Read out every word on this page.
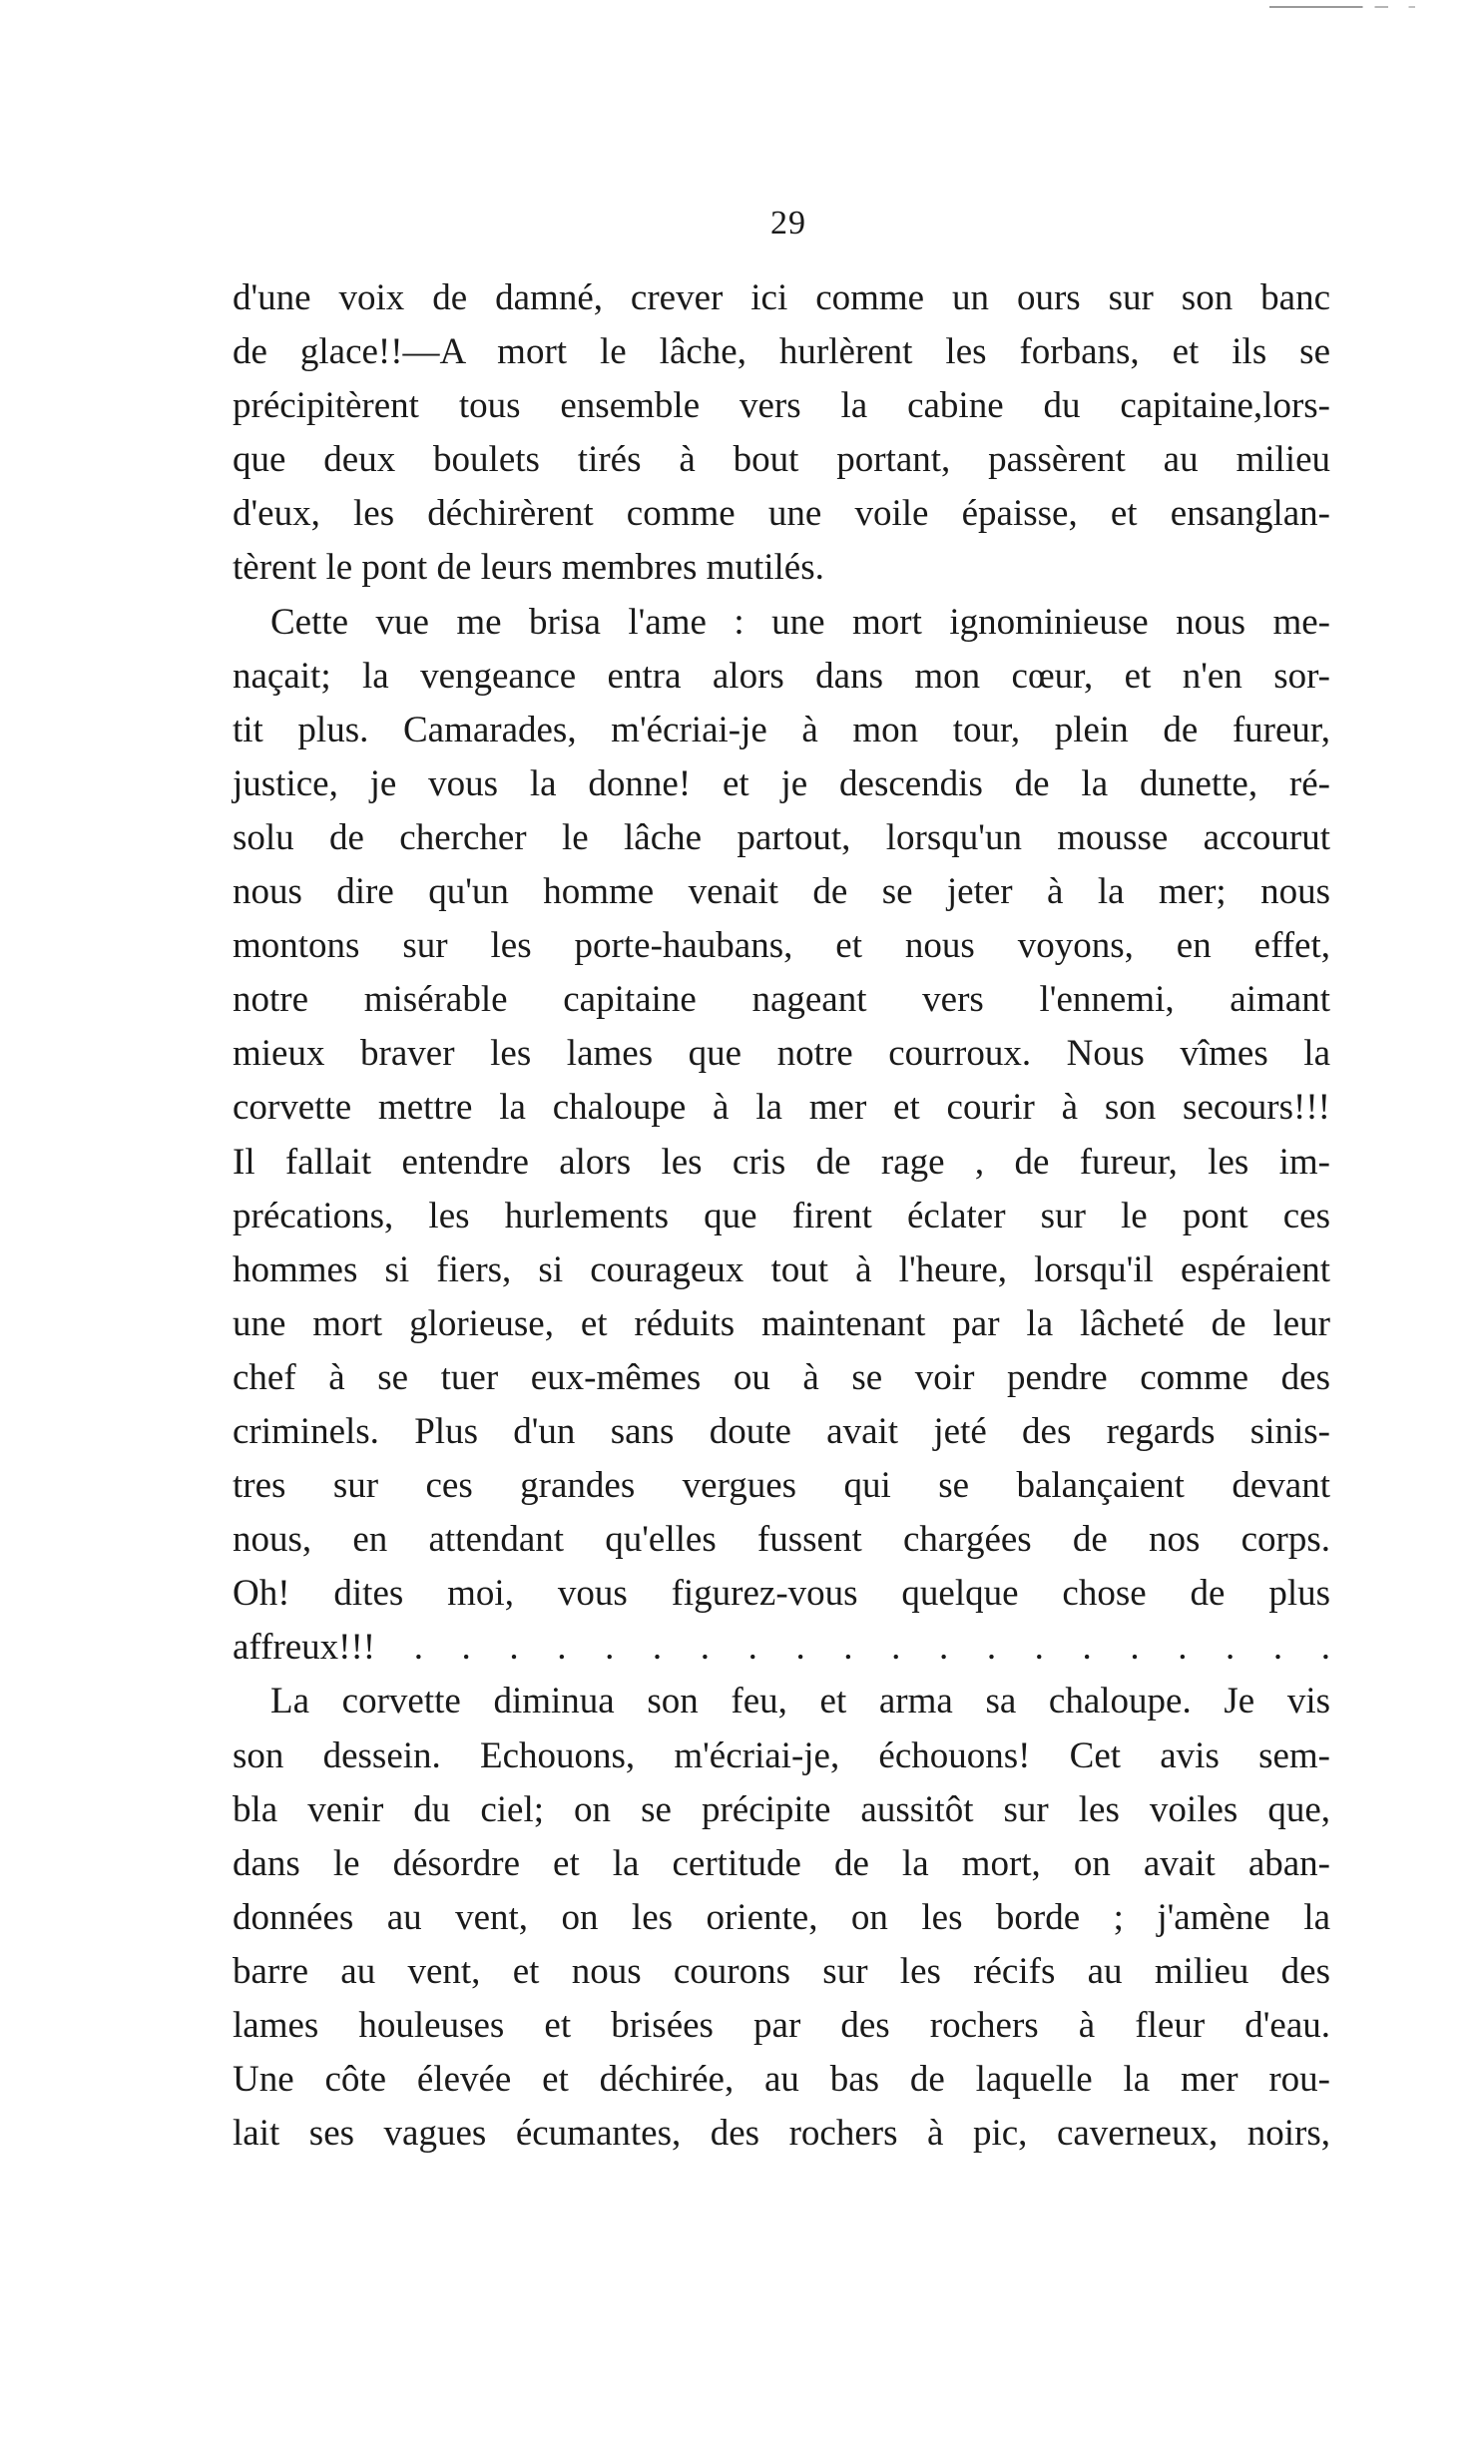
29
d'une voix de damné, crever ici comme un ours sur son banc
de glace!!—A mort le lâche, hurlèrent les forbans, et ils se
précipitèrent tous ensemble vers la cabine du capitaine,lors-
que deux boulets tirés à bout portant, passèrent au milieu
d'eux, les déchirèrent comme une voile épaisse, et ensanglan-
tèrent le pont de leurs membres mutilés.
Cette vue me brisa l'ame : une mort ignominieuse nous me-
naçait; la vengeance entra alors dans mon cœur, et n'en sor-
tit plus. Camarades, m'écriai-je à mon tour, plein de fureur,
justice, je vous la donne! et je descendis de la dunette, ré-
solu de chercher le lâche partout, lorsqu'un mousse accourut
nous dire qu'un homme venait de se jeter à la mer; nous
montons sur les porte-haubans, et nous voyons, en effet,
notre misérable capitaine nageant vers l'ennemi, aimant
mieux braver les lames que notre courroux. Nous vîmes la
corvette mettre la chaloupe à la mer et courir à son secours!!!
Il fallait entendre alors les cris de rage , de fureur, les im-
précations, les hurlements que firent éclater sur le pont ces
hommes si fiers, si courageux tout à l'heure, lorsqu'il espéraient
une mort glorieuse, et réduits maintenant par la lâcheté de leur
chef à se tuer eux-mêmes ou à se voir pendre comme des
criminels. Plus d'un sans doute avait jeté des regards sinis-
tres sur ces grandes vergues qui se balançaient devant
nous, en attendant qu'elles fussent chargées de nos corps.
Oh! dites moi, vous figurez-vous quelque chose de plus
affreux!!! . . . . . . . . . . . . . . . . . . . .
La corvette diminua son feu, et arma sa chaloupe. Je vis
son dessein. Echouons, m'écriai-je, échouons! Cet avis sem-
bla venir du ciel; on se précipite aussitôt sur les voiles que,
dans le désordre et la certitude de la mort, on avait aban-
données au vent, on les oriente, on les borde ; j'amène la
barre au vent, et nous courons sur les récifs au milieu des
lames houleuses et brisées par des rochers à fleur d'eau.
Une côte élevée et déchirée, au bas de laquelle la mer rou-
lait ses vagues écumantes, des rochers à pic, caverneux, noirs,
